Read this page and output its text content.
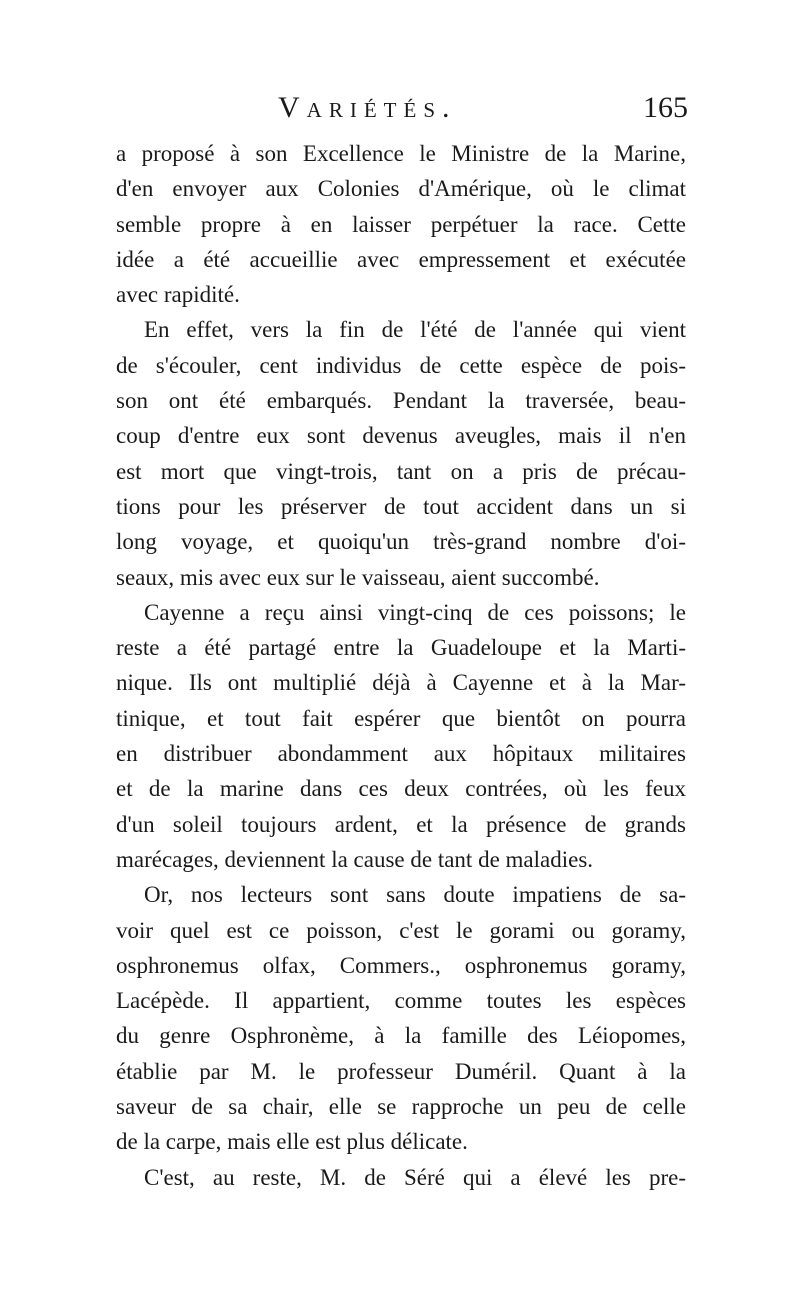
Variétés.	165
a proposé à son Excellence le Ministre de la Marine,
d'en envoyer aux Colonies d'Amérique, où le climat
semble propre à en laisser perpétuer la race. Cette
idée a été accueillie avec empressement et exécutée
avec rapidité.
En effet, vers la fin de l'été de l'année qui vient
de s'écouler, cent individus de cette espèce de pois-
son ont été embarqués. Pendant la traversée, beau-
coup d'entre eux sont devenus aveugles, mais il n'en
est mort que vingt-trois, tant on a pris de précau-
tions pour les préserver de tout accident dans un si
long voyage, et quoiqu'un très-grand nombre d'oi-
seaux, mis avec eux sur le vaisseau, aient succombé.
Cayenne a reçu ainsi vingt-cinq de ces poissons; le
reste a été partagé entre la Guadeloupe et la Marti-
nique. Ils ont multiplié déjà à Cayenne et à la Mar-
tinique, et tout fait espérer que bientôt on pourra
en distribuer abondamment aux hôpitaux militaires
et de la marine dans ces deux contrées, où les feux
d'un soleil toujours ardent, et la présence de grands
marécages, deviennent la cause de tant de maladies.
Or, nos lecteurs sont sans doute impatiens de sa-
voir quel est ce poisson, c'est le gorami ou goramy,
osphronemus olfax, Commers., osphronemus goramy,
Lacépède. Il appartient, comme toutes les espèces
du genre Osphronème, à la famille des Léiopomes,
établie par M. le professeur Duméril. Quant à la
saveur de sa chair, elle se rapproche un peu de celle
de la carpe, mais elle est plus délicate.
C'est, au reste, M. de Séré qui a élevé les pre-
